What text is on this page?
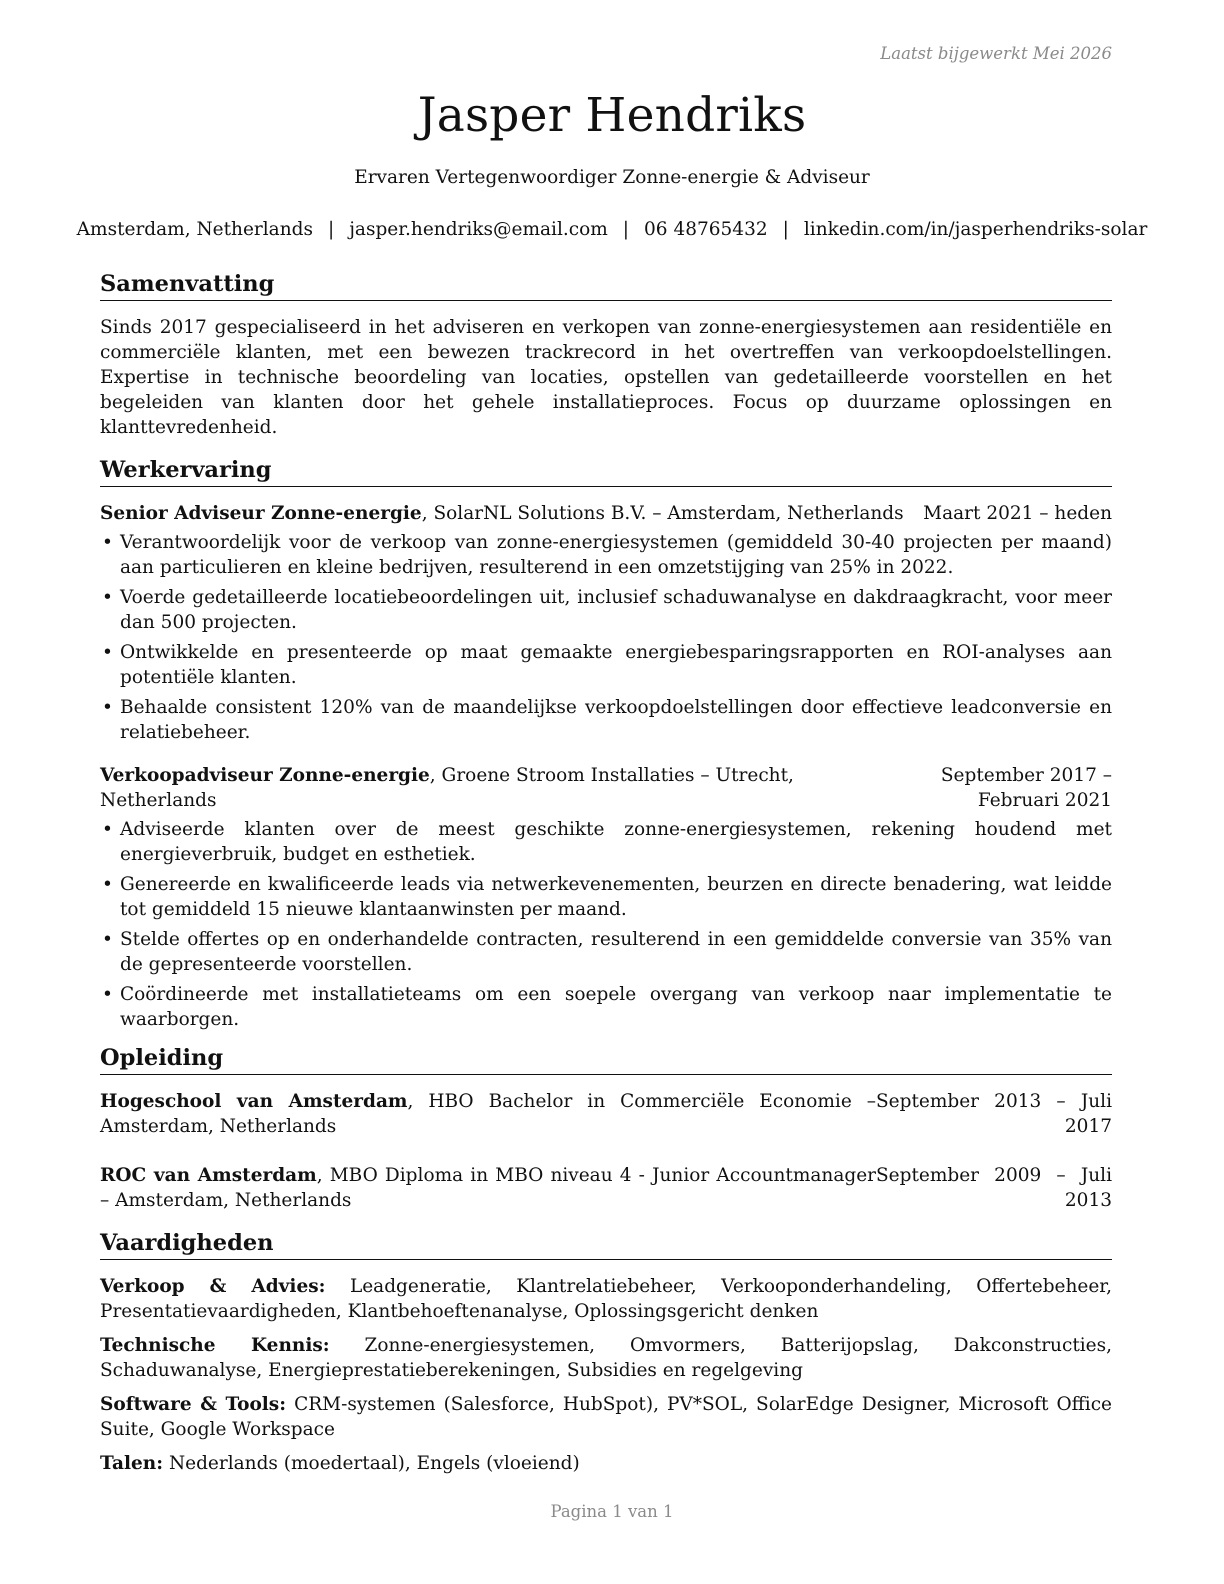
Laatst bijgewerkt Mei 2026
Jasper Hendriks
Ervaren Vertegenwoordiger Zonne-energie & Adviseur
Amsterdam, Netherlands | jasper.hendriks@email.com | 06 48765432 | linkedin.com/in/jasperhendriks-solar
Samenvatting

Sinds 2017 gespecialiseerd in het adviseren en verkopen van zonne-energiesystemen aan residentiële en commerciële klanten, met een bewezen trackrecord in het overtreffen van verkoopdoelstellingen. Expertise in technische beoordeling van locaties, opstellen van gedetailleerde voorstellen en het begeleiden van klanten door het gehele installatieproces. Focus op duurzame oplossingen en klanttevredenheid.

Werkervaring
Senior Adviseur Zonne-energie, SolarNL Solutions B.V. – Amsterdam, Netherlands	Maart 2021 – heden
• Verantwoordelijk voor de verkoop van zonne-energiesystemen (gemiddeld 30-40 projecten per maand) aan particulieren en kleine bedrijven, resulterend in een omzetstijging van 25% in 2022.
• Voerde gedetailleerde locatiebeoordelingen uit, inclusief schaduwanalyse en dakdraagkracht, voor meer dan 500 projecten.
• Ontwikkelde en presenteerde op maat gemaakte energiebesparingsrapporten en ROI-analyses aan potentiële klanten.
• Behaalde consistent 120% van de maandelijkse verkoopdoelstellingen door effectieve leadconversie en relatiebeheer.
Verkoopadviseur Zonne-energie, Groene Stroom Installaties – Utrecht, Netherlands
September 2017 – Februari 2021
• Adviseerde klanten over de meest geschikte zonne-energiesystemen, rekening houdend met energieverbruik, budget en esthetiek.
• Genereerde en kwalificeerde leads via netwerkevenementen, beurzen en directe benadering, wat leidde tot gemiddeld 15 nieuwe klantaanwinsten per maand.
• Stelde offertes op en onderhandelde contracten, resulterend in een gemiddelde conversie van 35% van de gepresenteerde voorstellen.
• Coördineerde met installatieteams om een soepele overgang van verkoop naar implementatie te waarborgen.
Opleiding
Hogeschool van Amsterdam, HBO Bachelor in Commerciële Economie – Amsterdam, Netherlands
September 2013 – Juli 2017
ROC van Amsterdam, MBO Diploma in MBO niveau 4 - Junior Accountmanager – Amsterdam, Netherlands
September 2009 – Juli 2013
Vaardigheden

Verkoop & Advies: Leadgeneratie, Klantrelatiebeheer, Verkooponderhandeling, Offertebeheer, Presentatievaardigheden, Klantbehoeftenanalyse, Oplossingsgericht denken

Technische Kennis: Zonne-energiesystemen, Omvormers, Batterijopslag, Dakconstructies, Schaduwanalyse, Energieprestatieberekeningen, Subsidies en regelgeving

Software & Tools: CRM-systemen (Salesforce, HubSpot), PV*SOL, SolarEdge Designer, Microsoft Office Suite, Google Workspace

Talen: Nederlands (moedertaal), Engels (vloeiend)

Pagina 1 van 1
